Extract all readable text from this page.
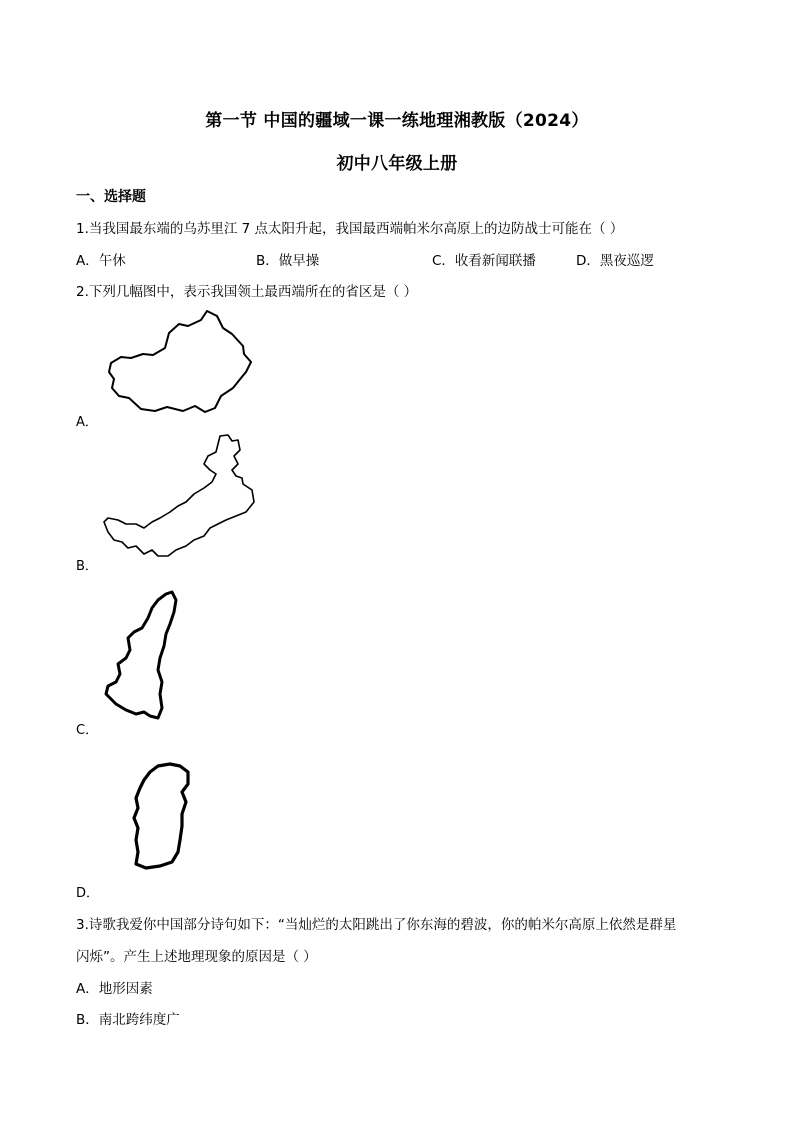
第一节 中国的疆域一课一练地理湘教版（2024）
初中八年级上册
一、选择题
1.当我国最东端的乌苏里江 7 点太阳升起，我国最西端帕米尔高原上的边防战士可能在（ ）
A．午休	B．做早操	C．收看新闻联播	D．黑夜巡逻
2.下列几幅图中，表示我国领土最西端所在的省区是（ ）
A．
B．
C．
D．
3.诗歌我爱你中国部分诗句如下：“当灿烂的太阳跳出了你东海的碧波，你的帕米尔高原上依然是群星
闪烁”。产生上述地理现象的原因是（ ）
A．地形因素
B．南北跨纬度广
